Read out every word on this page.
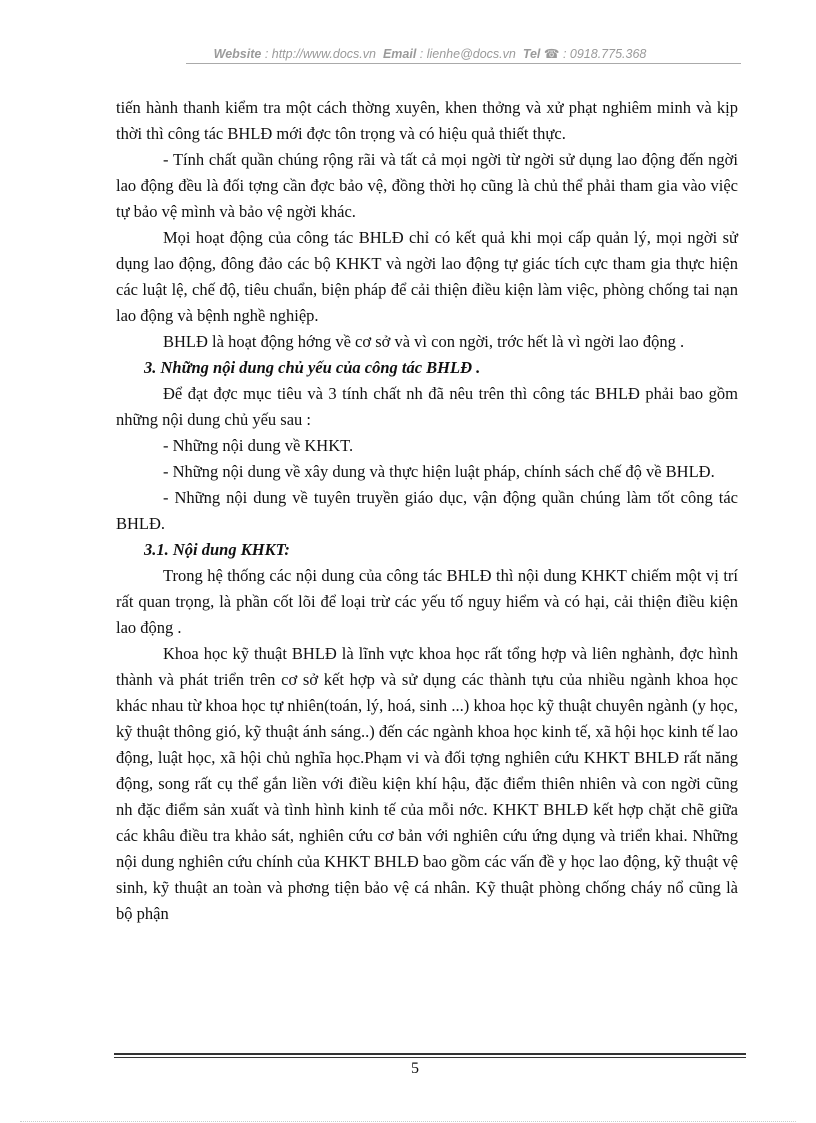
Website : http://www.docs.vn Email : lienhe@docs.vn Tel ☎ : 0918.775.368

tiến hành thanh kiểm tra một cách thờng xuyên, khen thởng và xử phạt nghiêm minh và kịp thời thì công tác BHLĐ mới đợc tôn trọng và có hiệu quả thiết thực.

- Tính chất quần chúng rộng rãi và tất cả mọi ngời từ ngời sử dụng lao động đến ngời lao động đều là đối tợng cần đợc bảo vệ, đồng thời họ cũng là chủ thể phải tham gia vào việc tự bảo vệ mình và bảo vệ ngời khác.

Mọi hoạt động của công tác BHLĐ chỉ có kết quả khi mọi cấp quản lý, mọi ngời sử dụng lao động, đông đảo các bộ KHKT và ngời lao động tự giác tích cực tham gia thực hiện các luật lệ, chế độ, tiêu chuẩn, biện pháp để cải thiện điều kiện làm việc, phòng chống tai nạn lao động và bệnh nghề nghiệp.

BHLĐ là hoạt động hớng về cơ sở và vì con ngời, trớc hết là vì ngời lao động .

3. Những nội dung chủ yếu của công tác BHLĐ .

Để đạt đợc mục tiêu và 3 tính chất nh đã nêu trên thì công tác BHLĐ phải bao gồm những nội dung chủ yếu sau :

- Những nội dung về KHKT.

- Những nội dung về xây dung và thực hiện luật pháp, chính sách chế độ về BHLĐ.

- Những nội dung về tuyên truyền giáo dục, vận động quần chúng làm tốt công tác BHLĐ.

3.1. Nội dung KHKT:

Trong hệ thống các nội dung của công tác BHLĐ thì nội dung KHKT chiếm một vị trí rất quan trọng, là phần cốt lõi để loại trừ các yếu tố nguy hiểm và có hại, cải thiện điều kiện lao động .

Khoa học kỹ thuật BHLĐ là lĩnh vực khoa học rất tổng hợp và liên nghành, đợc hình thành và phát triển trên cơ sở kết hợp và sử dụng các thành tựu của nhiều ngành khoa học khác nhau từ khoa học tự nhiên(toán, lý, hoá, sinh ...) khoa học kỹ thuật chuyên ngành (y học, kỹ thuật thông gió, kỹ thuật ánh sáng..) đến các ngành khoa học kinh tế, xã hội học kinh tế lao động, luật học, xã hội chủ nghĩa học.Phạm vi và đối tợng nghiên cứu KHKT BHLĐ rất năng động, song rất cụ thể gắn liền với điều kiện khí hậu, đặc điểm thiên nhiên và con ngời cũng nh đặc điểm sản xuất và tình hình kinh tế của mỗi nớc. KHKT BHLĐ kết hợp chặt chẽ giữa các khâu điều tra khảo sát, nghiên cứu cơ bản với nghiên cứu ứng dụng và triển khai. Những nội dung nghiên cứu chính của KHKT BHLĐ bao gồm các vấn đề y học lao động, kỹ thuật vệ sinh, kỹ thuật an toàn và phơng tiện bảo vệ cá nhân. Kỹ thuật phòng chống cháy nổ cũng là bộ phận

5
